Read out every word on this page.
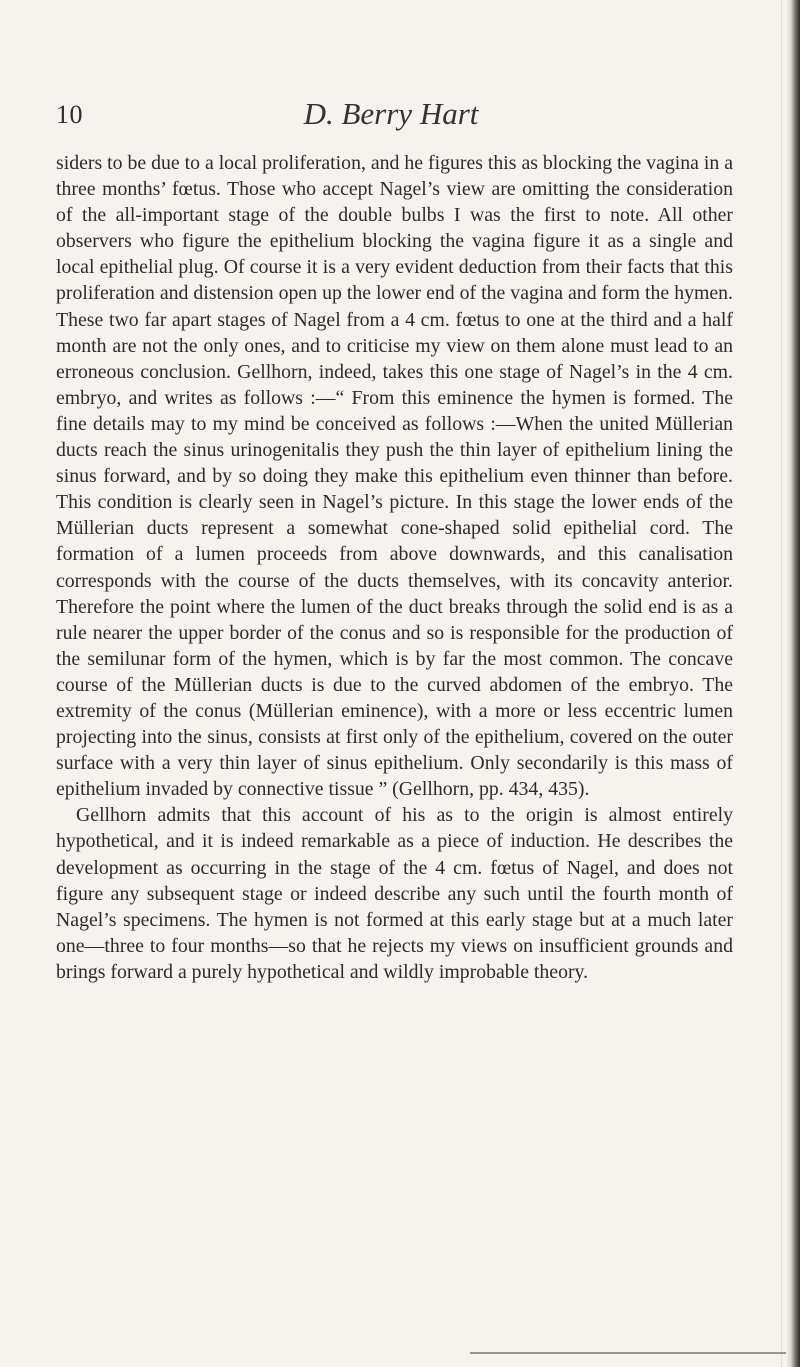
10	D. Berry Hart

siders to be due to a local proliferation, and he figures this as blocking the vagina in a three months’ fœtus. Those who accept Nagel’s view are omitting the consideration of the all-important stage of the double bulbs I was the first to note. All other observers who figure the epithelium blocking the vagina figure it as a single and local epithelial plug. Of course it is a very evident deduction from their facts that this proliferation and distension open up the lower end of the vagina and form the hymen. These two far apart stages of Nagel from a 4 cm. fœtus to one at the third and a half month are not the only ones, and to criticise my view on them alone must lead to an erroneous conclusion. Gellhorn, indeed, takes this one stage of Nagel’s in the 4 cm. embryo, and writes as follows :—“ From this eminence the hymen is formed. The fine details may to my mind be conceived as follows :—When the united Müllerian ducts reach the sinus urinogenitalis they push the thin layer of epithelium lining the sinus forward, and by so doing they make this epithelium even thinner than before. This condition is clearly seen in Nagel’s picture. In this stage the lower ends of the Müllerian ducts represent a somewhat cone-shaped solid epithelial cord. The formation of a lumen proceeds from above downwards, and this canalisation corresponds with the course of the ducts themselves, with its concavity anterior. Therefore the point where the lumen of the duct breaks through the solid end is as a rule nearer the upper border of the conus and so is responsible for the production of the semilunar form of the hymen, which is by far the most common. The concave course of the Müllerian ducts is due to the curved abdomen of the embryo. The extremity of the conus (Müllerian eminence), with a more or less eccentric lumen projecting into the sinus, consists at first only of the epithelium, covered on the outer surface with a very thin layer of sinus epithelium. Only secondarily is this mass of epithelium invaded by connective tissue ” (Gellhorn, pp. 434, 435).

Gellhorn admits that this account of his as to the origin is almost entirely hypothetical, and it is indeed remarkable as a piece of induction. He describes the development as occurring in the stage of the 4 cm. fœtus of Nagel, and does not figure any subsequent stage or indeed describe any such until the fourth month of Nagel’s specimens. The hymen is not formed at this early stage but at a much later one—three to four months—so that he rejects my views on insufficient grounds and brings forward a purely hypothetical and wildly improbable theory.
